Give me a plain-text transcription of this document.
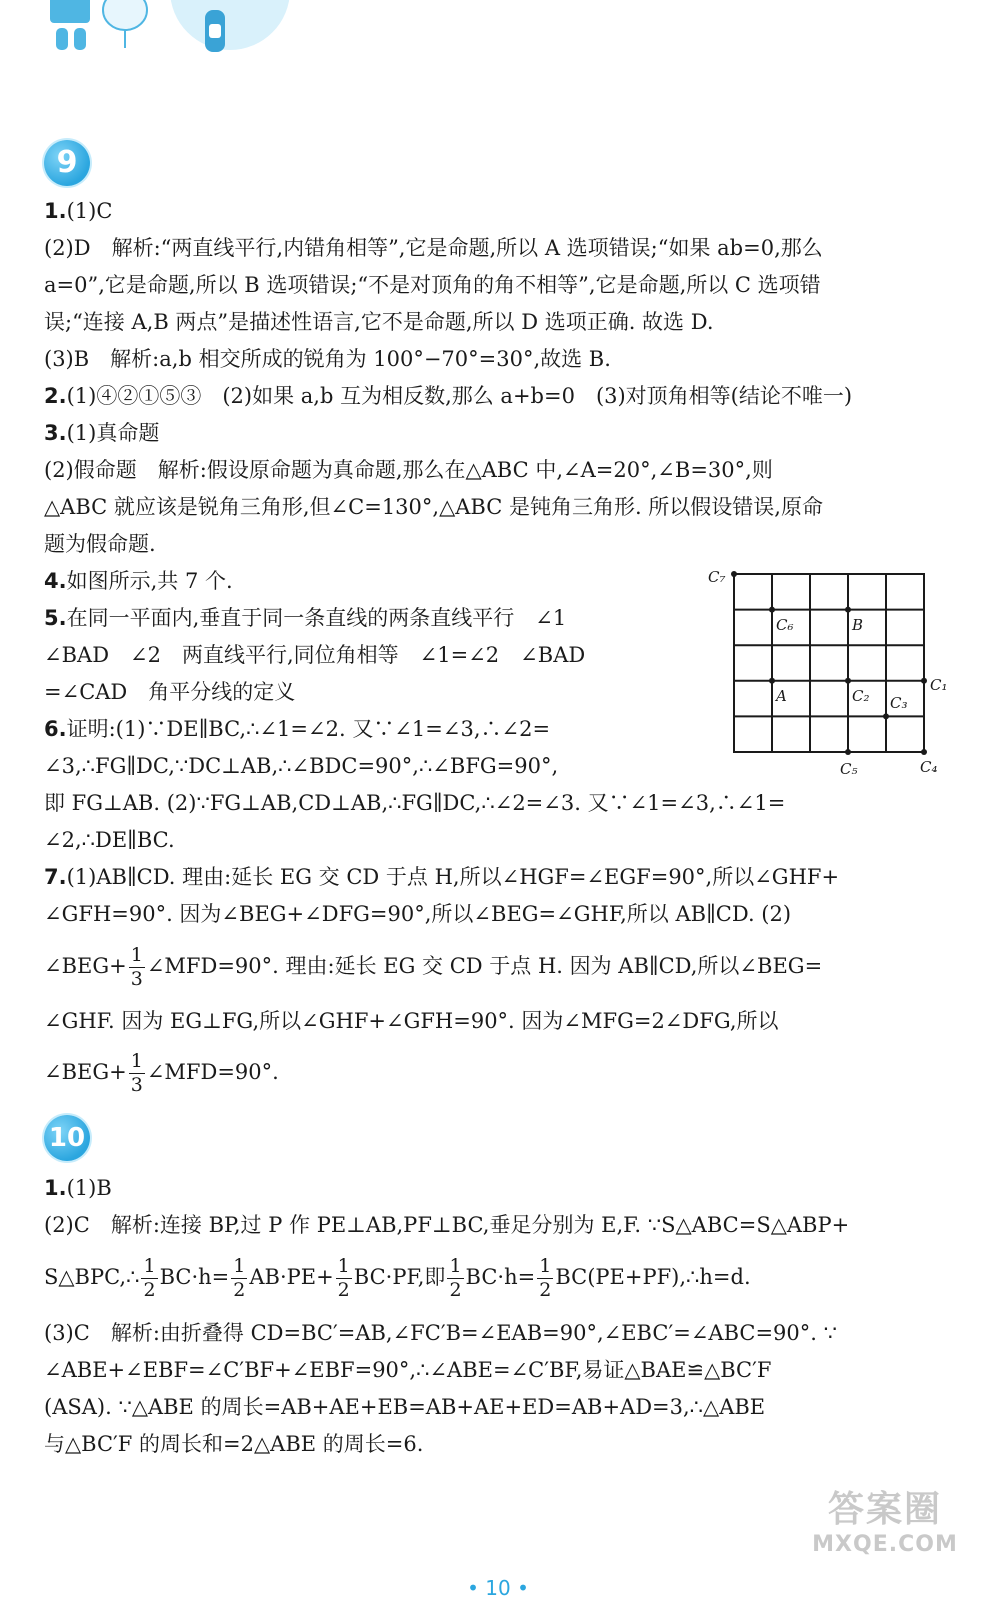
9
1.(1)C
(2)D　解析:“两直线平行,内错角相等”,它是命题,所以 A 选项错误;“如果 ab=0,那么
a=0”,它是命题,所以 B 选项错误;“不是对顶角的角不相等”,它是命题,所以 C 选项错
误;“连接 A,B 两点”是描述性语言,它不是命题,所以 D 选项正确. 故选 D.
(3)B　解析:a,b 相交所成的锐角为 100°−70°=30°,故选 B.
2.(1)④②①⑤③　(2)如果 a,b 互为相反数,那么 a+b=0　(3)对顶角相等(结论不唯一)
3.(1)真命题
(2)假命题　解析:假设原命题为真命题,那么在△ABC 中,∠A=20°,∠B=30°,则
△ABC 就应该是锐角三角形,但∠C=130°,△ABC 是钝角三角形. 所以假设错误,原命
题为假命题.
4.如图所示,共 7 个.
5.在同一平面内,垂直于同一条直线的两条直线平行　∠1
∠BAD　∠2　两直线平行,同位角相等　∠1=∠2　∠BAD
=∠CAD　角平分线的定义
6.证明:(1)∵DE∥BC,∴∠1=∠2. 又∵∠1=∠3,∴∠2=
∠3,∴FG∥DC,∵DC⊥AB,∴∠BDC=90°,∴∠BFG=90°,
即 FG⊥AB. (2)∵FG⊥AB,CD⊥AB,∴FG∥DC,∴∠2=∠3. 又∵∠1=∠3,∴∠1=
∠2,∴DE∥BC.
7.(1)AB∥CD. 理由:延长 EG 交 CD 于点 H,所以∠HGF=∠EGF=90°,所以∠GHF+
∠GFH=90°. 因为∠BEG+∠DFG=90°,所以∠BEG=∠GHF,所以 AB∥CD. (2)
∠BEG+ $\frac{1}{3}$ ∠MFD=90°. 理由:延长 EG 交 CD 于点 H. 因为 AB∥CD,所以∠BEG=
∠GHF. 因为 EG⊥FG,所以∠GHF+∠GFH=90°. 因为∠MFG=2∠DFG,所以
∠BEG+ $\frac{1}{3}$ ∠MFD=90°.
C₇
C₆	B
A	C₂ C₃
C₁
C₅	C₄
10
1.(1)B
(2)C　解析:连接 BP,过 P 作 PE⊥AB,PF⊥BC,垂足分别为 E,F. ∵S△ABC=S△ABP+
S△BPC,∴ $\frac{1}{2} BC\cdot h= \frac{1}{2} AB\cdot PE+ \frac{1}{2} BC\cdot PF$,即 $\frac{1}{2} BC\cdot h= \frac{1}{2}$ BC(PE+PF),∴h=d.
(3)C　解析:由折叠得 CD=BC′=AB,∠FC′B=∠EAB=90°,∠EBC′=∠ABC=90°. ∵
∠ABE+∠EBF=∠C′BF+∠EBF=90°,∴∠ABE=∠C′BF,易证△BAE≌△BC′F
(ASA). ∵△ABE 的周长=AB+AE+EB=AB+AE+ED=AB+AD=3,∴△ABE
与△BC′F 的周长和=2△ABE 的周长=6.
答案圈
MXQE.COM
• 10 •
